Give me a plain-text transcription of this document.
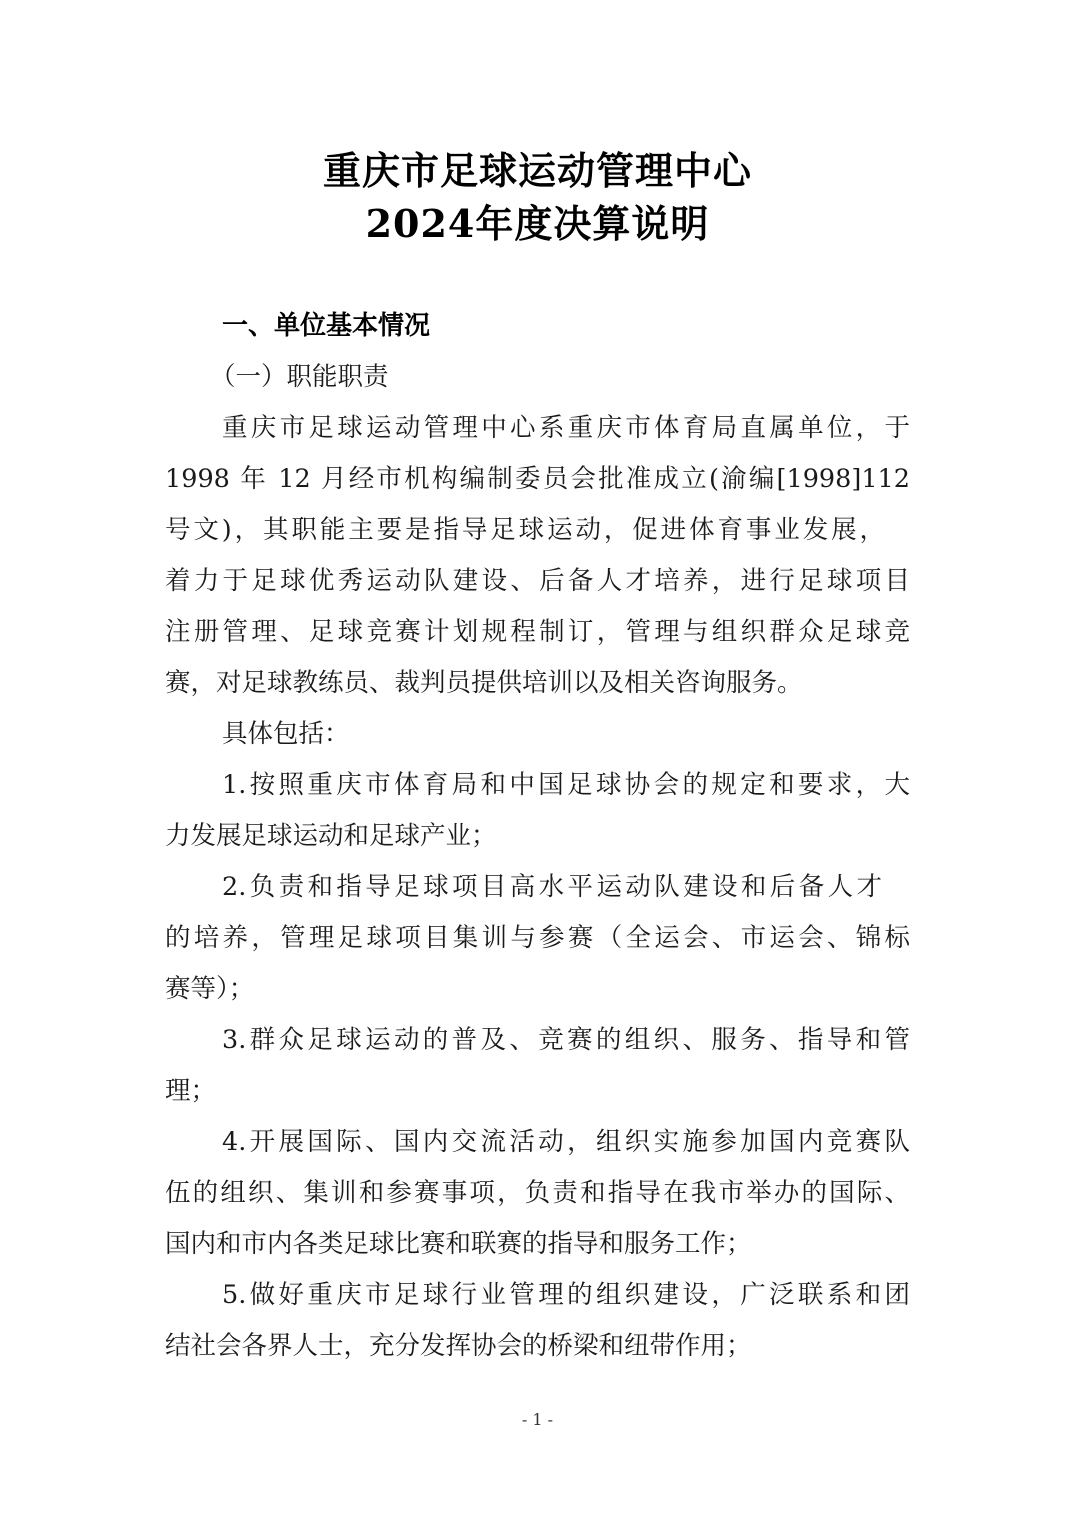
重庆市足球运动管理中心
2024年度决算说明
一、单位基本情况
（一）职能职责
重庆市足球运动管理中心系重庆市体育局直属单位，于
1998 年 12 月经市机构编制委员会批准成立(渝编[1998]112
号文)，其职能主要是指导足球运动，促进体育事业发展，
着力于足球优秀运动队建设、后备人才培养，进行足球项目
注册管理、足球竞赛计划规程制订，管理与组织群众足球竞
赛，对足球教练员、裁判员提供培训以及相关咨询服务。
具体包括：
1.按照重庆市体育局和中国足球协会的规定和要求，大
力发展足球运动和足球产业；
2.负责和指导足球项目高水平运动队建设和后备人才
的培养，管理足球项目集训与参赛（全运会、市运会、锦标
赛等）；
3.群众足球运动的普及、竞赛的组织、服务、指导和管
理；
4.开展国际、国内交流活动，组织实施参加国内竞赛队
伍的组织、集训和参赛事项，负责和指导在我市举办的国际、
国内和市内各类足球比赛和联赛的指导和服务工作；
5.做好重庆市足球行业管理的组织建设，广泛联系和团
结社会各界人士，充分发挥协会的桥梁和纽带作用；
- 1 -
